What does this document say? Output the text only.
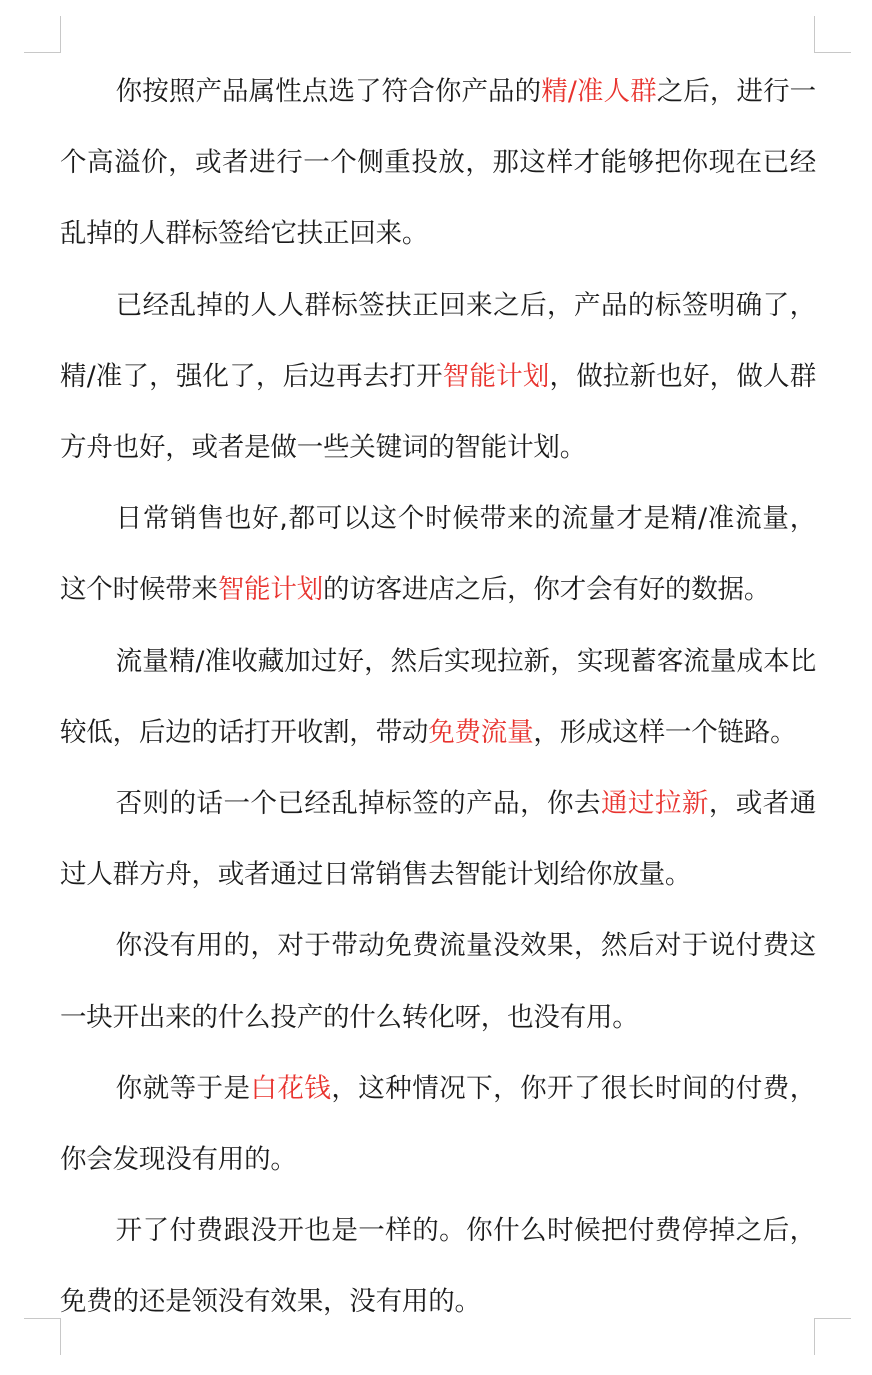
你按照产品属性点选了符合你产品的精/准人群之后，进行一个高溢价，或者进行一个侧重投放，那这样才能够把你现在已经乱掉的人群标签给它扶正回来。

已经乱掉的人人群标签扶正回来之后，产品的标签明确了，精/准了，强化了，后边再去打开智能计划，做拉新也好，做人群方舟也好，或者是做一些关键词的智能计划。

日常销售也好,都可以这个时候带来的流量才是精/准流量，这个时候带来智能计划的访客进店之后，你才会有好的数据。

流量精/准收藏加过好，然后实现拉新，实现蓄客流量成本比较低，后边的话打开收割，带动免费流量，形成这样一个链路。

否则的话一个已经乱掉标签的产品，你去通过拉新，或者通过人群方舟，或者通过日常销售去智能计划给你放量。

你没有用的，对于带动免费流量没效果，然后对于说付费这一块开出来的什么投产的什么转化呀，也没有用。

你就等于是白花钱，这种情况下，你开了很长时间的付费，你会发现没有用的。

开了付费跟没开也是一样的。你什么时候把付费停掉之后，免费的还是领没有效果，没有用的。
